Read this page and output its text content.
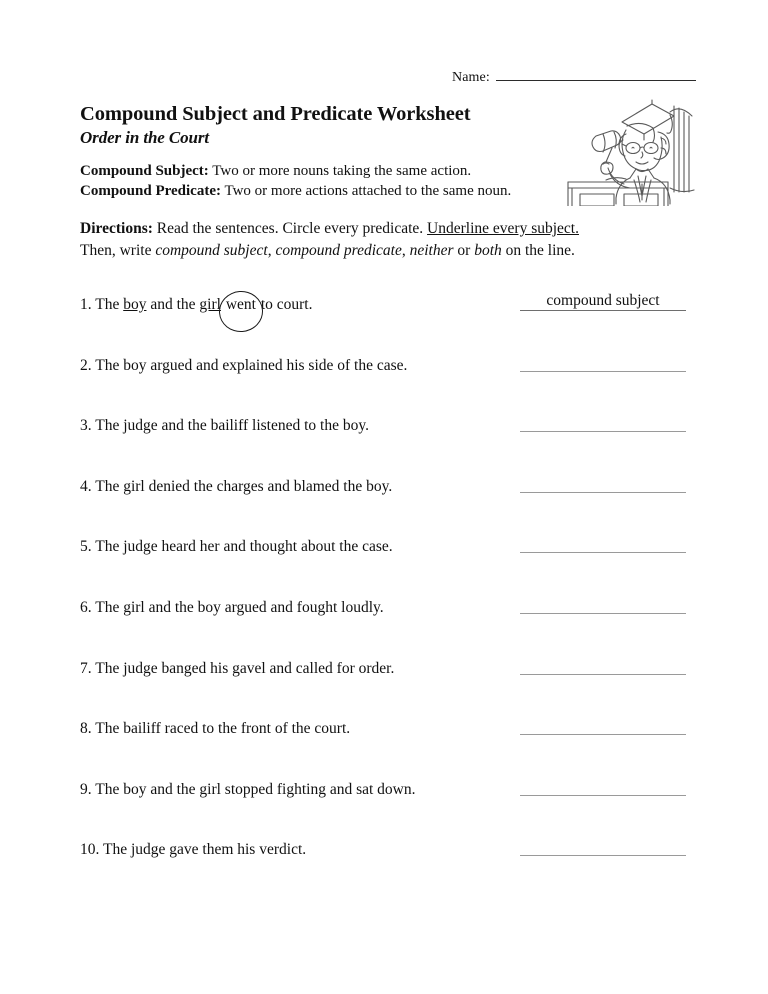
Name:
Compound Subject and Predicate Worksheet
Order in the Court
Compound Subject: Two or more nouns taking the same action.
Compound Predicate: Two or more actions attached to the same noun.
Directions: Read the sentences. Circle every predicate. Underline every subject.
Then, write compound subject, compound predicate, neither or both on the line.
1. The boy and the girl went to court.	compound subject
2. The boy argued and explained his side of the case.
3. The judge and the bailiff listened to the boy.
4. The girl denied the charges and blamed the boy.
5. The judge heard her and thought about the case.
6. The girl and the boy argued and fought loudly.
7. The judge banged his gavel and called for order.
8. The bailiff raced to the front of the court.
9. The boy and the girl stopped fighting and sat down.
10. The judge gave them his verdict.
